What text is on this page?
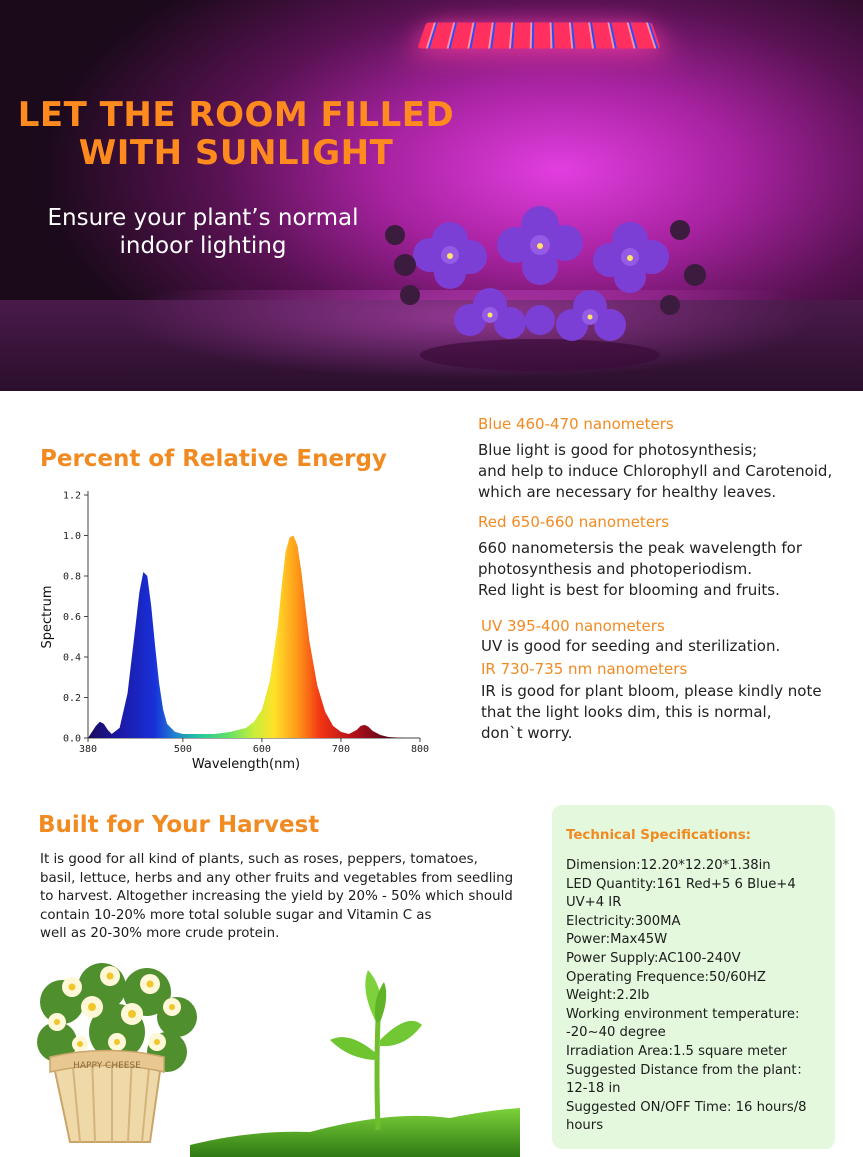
LET THE ROOM FILLED
WITH SUNLIGHT
Ensure your plant’s normal
indoor lighting
Percent of Relative Energy
0.0
0.2
0.4
0.6
0.8
1.0
1.2
380	500	600	700	800
Wavelength(nm)
Spectrum
Blue 460-470 nanometers
Blue light is good for photosynthesis;
and help to induce Chlorophyll and Carotenoid,
which are necessary for healthy leaves.
Red 650-660 nanometers
660 nanometersis the peak wavelength for
photosynthesis and photoperiodism.
Red light is best for blooming and fruits.
UV 395-400 nanometers
UV is good for seeding and sterilization.
IR 730-735 nm nanometers
IR is good for plant bloom, please kindly note
that the light looks dim, this is normal,
don`t worry.
Built for Your Harvest
It is good for all kind of plants, such as roses, peppers, tomatoes,
basil, lettuce, herbs and any other fruits and vegetables from seedling
to harvest. Altogether increasing the yield by 20% - 50% which should
contain 10-20% more total soluble sugar and Vitamin C as
well as 20-30% more crude protein.
HAPPY CHEESE
Technical Specifications:
Dimension:12.20*12.20*1.38in
LED Quantity:161 Red+5 6 Blue+4 UV+4 IR
Electricity:300MA
Power:Max45W
Power Supply:AC100-240V
Operating Frequence:50/60HZ
Weight:2.2lb
Working environment temperature: -20~40 degree
Irradiation Area:1.5 square meter
Suggested Distance from the plant：12-18 in
Suggested ON/OFF Time: 16 hours/8 hours
